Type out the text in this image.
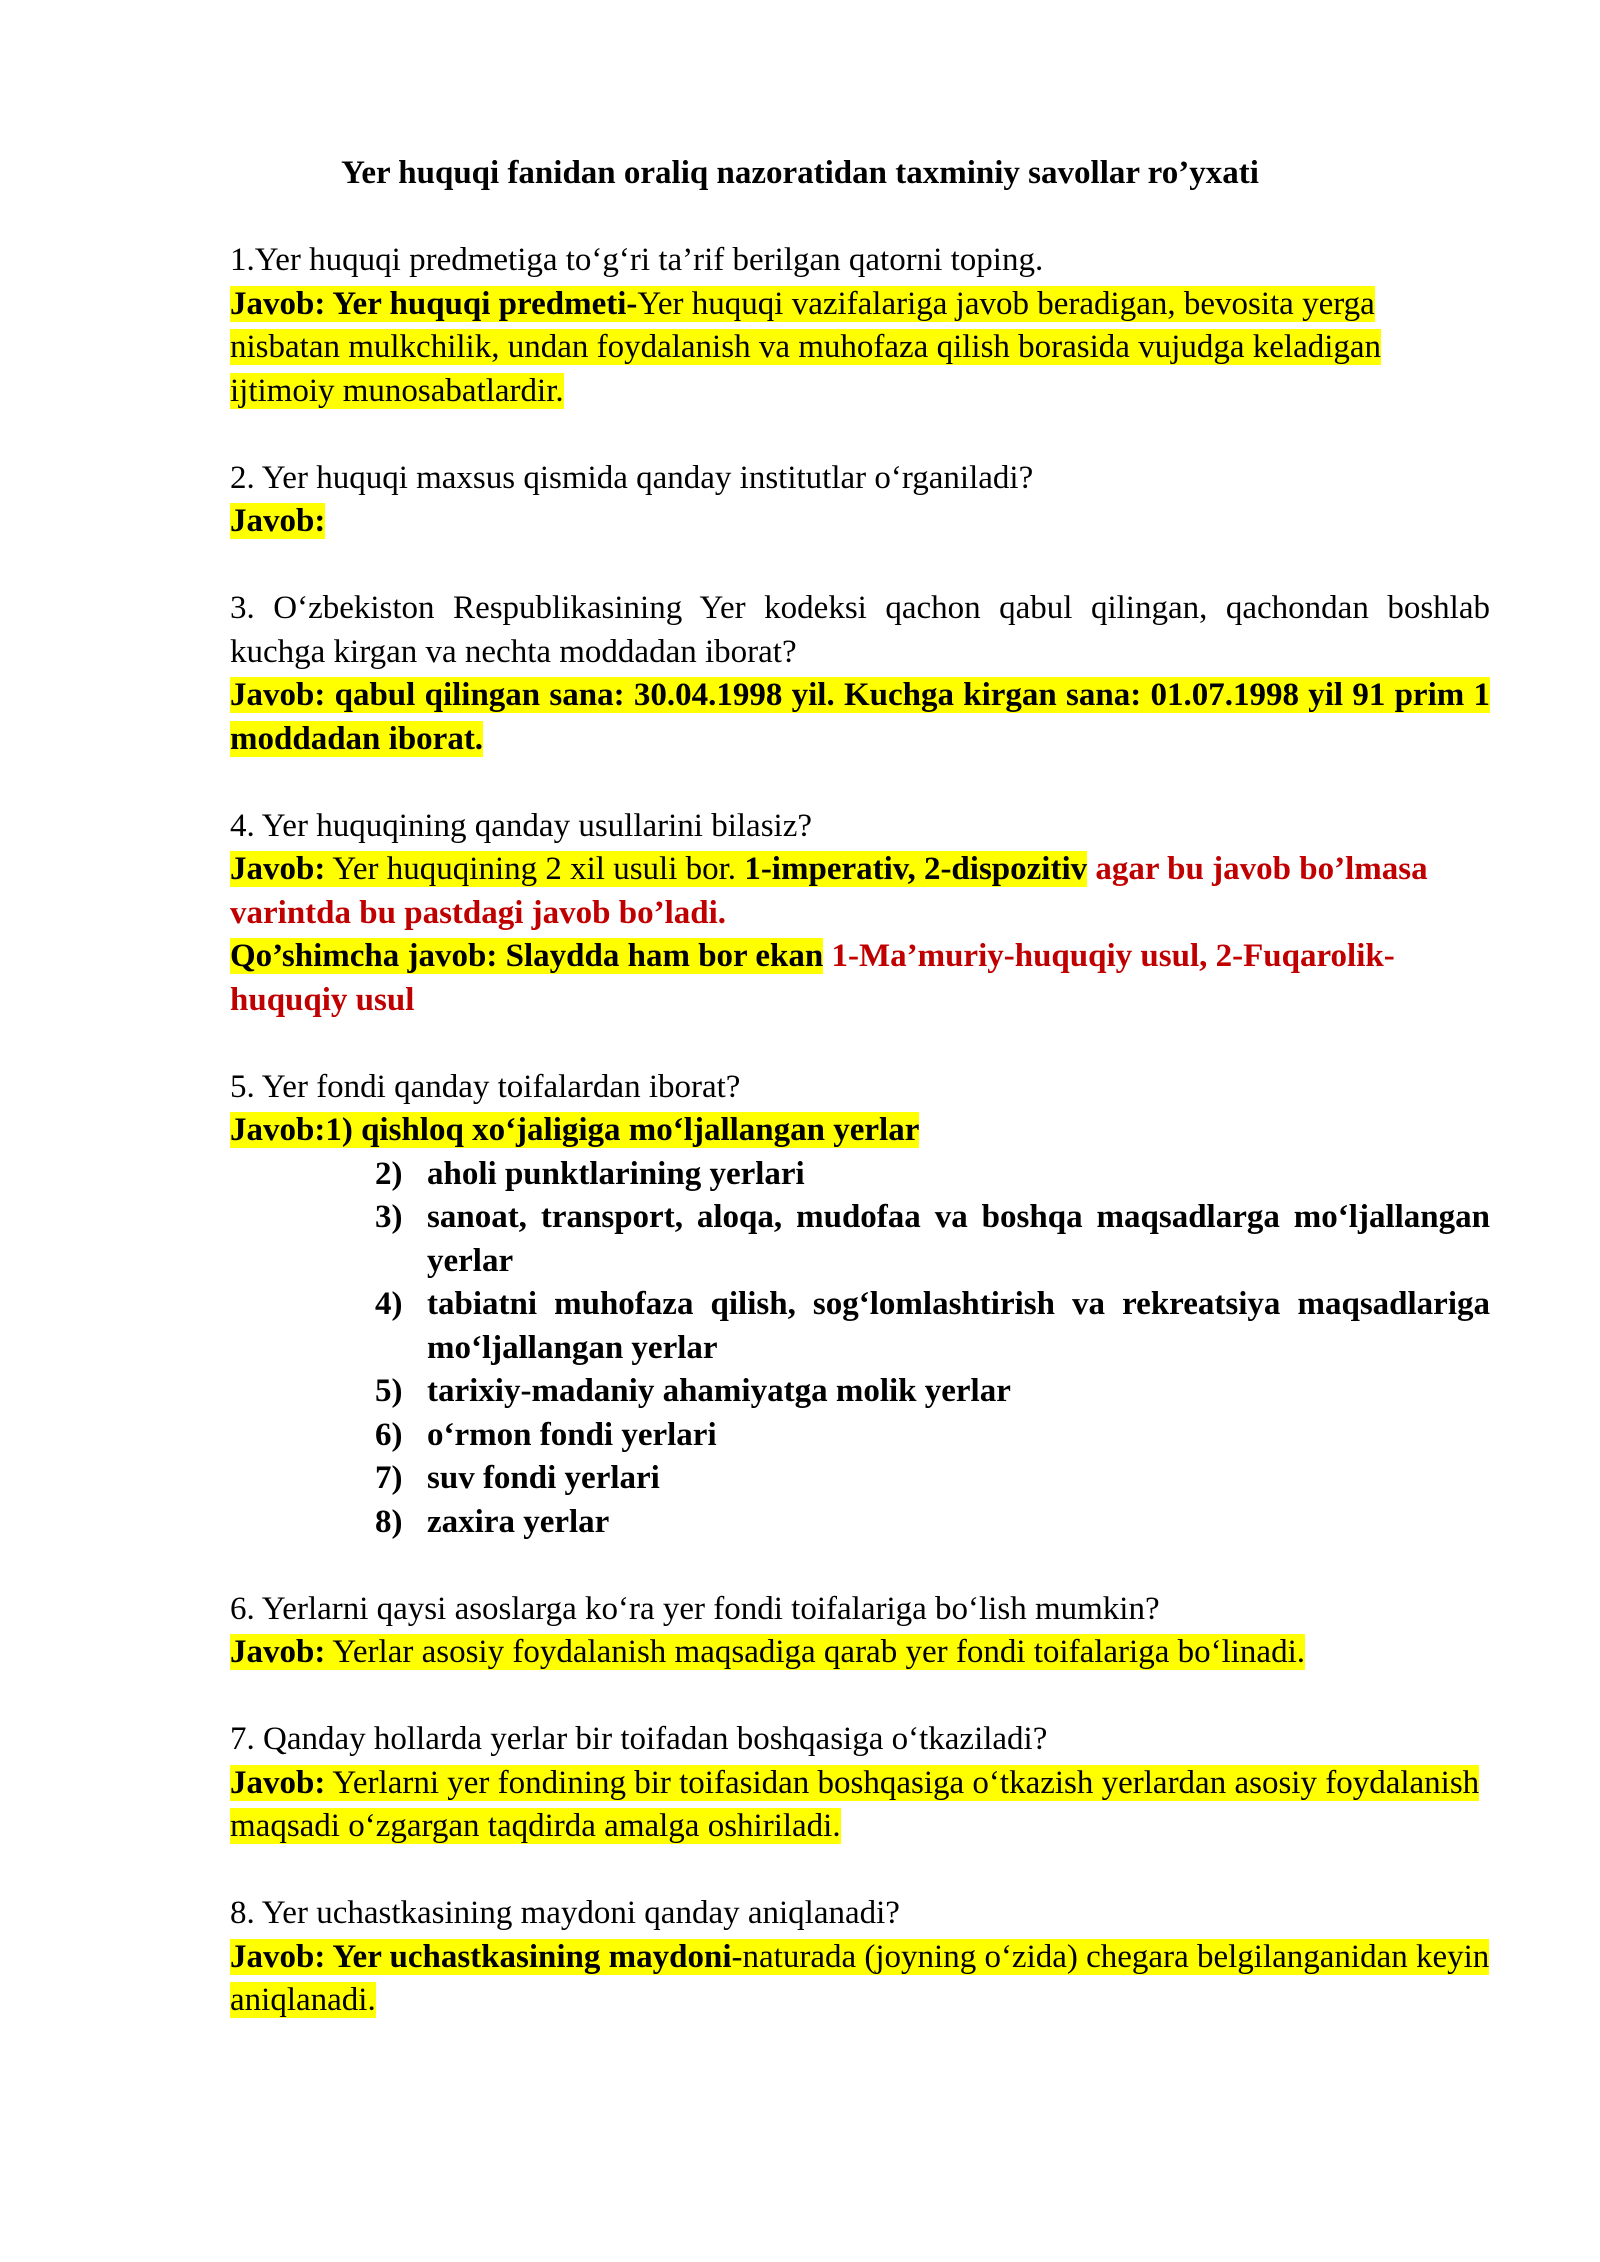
Yer huquqi fanidan oraliq nazoratidan taxminiy savollar ro’yxati

1.Yer huquqi predmetiga to‘g‘ri ta’rif berilgan qatorni toping.

Javob: Yer huquqi predmeti-Yer huquqi vazifalariga javob beradigan, bevosita yerga nisbatan mulkchilik, undan foydalanish va muhofaza qilish borasida vujudga keladigan ijtimoiy munosabatlardir.

2. Yer huquqi maxsus qismida qanday institutlar o‘rganiladi?

Javob:

3. O‘zbekiston Respublikasining Yer kodeksi qachon qabul qilingan, qachondan boshlab kuchga kirgan va nechta moddadan iborat?

Javob: qabul qilingan sana: 30.04.1998 yil. Kuchga kirgan sana: 01.07.1998 yil 91 prim 1 moddadan iborat.

4. Yer huquqining qanday usullarini bilasiz?

Javob: Yer huquqining 2 xil usuli bor. 1-imperativ, 2-dispozitiv agar bu javob bo’lmasa varintda bu pastdagi javob bo’ladi.

Qo’shimcha javob: Slaydda ham bor ekan 1-Ma’muriy-huquqiy usul, 2-Fuqarolik-huquqiy usul

5. Yer fondi qanday toifalardan iborat?

Javob:1) qishloq xo‘jaligiga mo‘ljallangan yerlar

2) aholi punktlarining yerlari
3) sanoat, transport, aloqa, mudofaa va boshqa maqsadlarga mo‘ljallangan yerlar
4) tabiatni muhofaza qilish, sog‘lomlashtirish va rekreatsiya maqsadlariga mo‘ljallangan yerlar
5) tarixiy-madaniy ahamiyatga molik yerlar
6) o‘rmon fondi yerlari
7) suv fondi yerlari
8) zaxira yerlar

6. Yerlarni qaysi asoslarga ko‘ra yer fondi toifalariga bo‘lish mumkin?

Javob: Yerlar asosiy foydalanish maqsadiga qarab yer fondi toifalariga bo‘linadi.

7. Qanday hollarda yerlar bir toifadan boshqasiga o‘tkaziladi?

Javob: Yerlarni yer fondining bir toifasidan boshqasiga o‘tkazish yerlardan asosiy foydalanish maqsadi o‘zgargan taqdirda amalga oshiriladi.

8. Yer uchastkasining maydoni qanday aniqlanadi?

Javob: Yer uchastkasining maydoni-naturada (joyning o‘zida) chegara belgilanganidan keyin aniqlanadi.
